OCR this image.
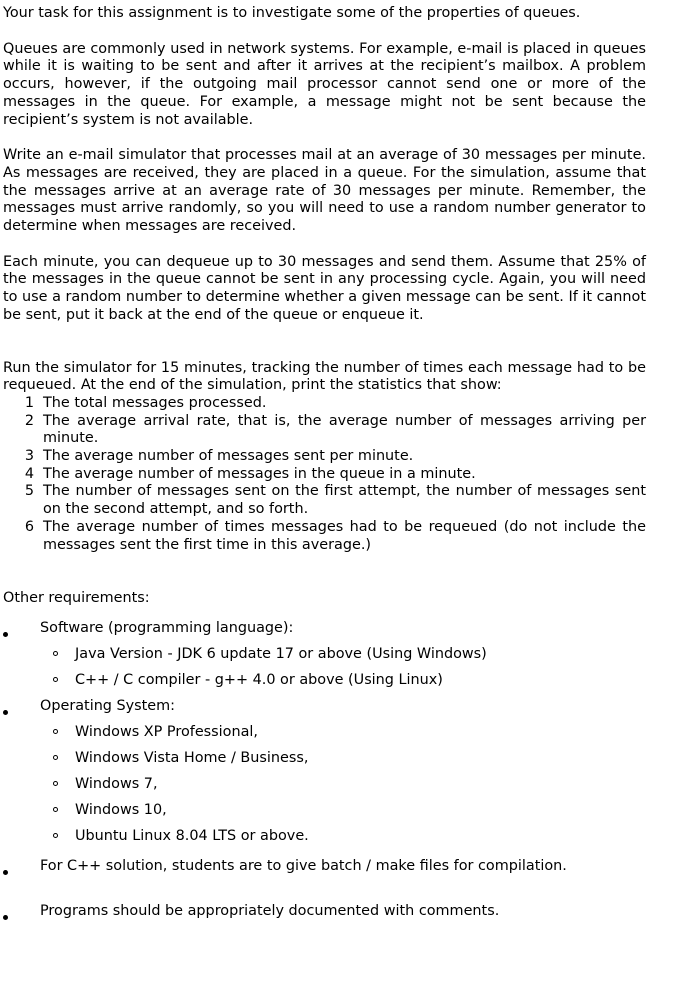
Your task for this assignment is to investigate some of the properties of queues.

Queues are commonly used in network systems. For example, e-mail is placed in queues while it is waiting to be sent and after it arrives at the recipient’s mailbox. A problem occurs, however, if the outgoing mail processor cannot send one or more of the messages in the queue. For example, a message might not be sent because the recipient’s system is not available.

Write an e-mail simulator that processes mail at an average of 30 messages per minute. As messages are received, they are placed in a queue. For the simulation, assume that the messages arrive at an average rate of 30 messages per minute. Remember, the messages must arrive randomly, so you will need to use a random number generator to determine when messages are received.

Each minute, you can dequeue up to 30 messages and send them. Assume that 25% of the messages in the queue cannot be sent in any processing cycle. Again, you will need to use a random number to determine whether a given message can be sent. If it cannot be sent, put it back at the end of the queue or enqueue it.

Run the simulator for 15 minutes, tracking the number of times each message had to be requeued. At the end of the simulation, print the statistics that show:

1 The total messages processed.
2 The average arrival rate, that is, the average number of messages arriving per minute.
3 The average number of messages sent per minute.
4 The average number of messages in the queue in a minute.
5 The number of messages sent on the first attempt, the number of messages sent on the second attempt, and so forth.
6 The average number of times messages had to be requeued (do not include the messages sent the first time in this average.)
Other requirements:
Software (programming language):
Java Version - JDK 6 update 17 or above (Using Windows)
C++ / C compiler - g++ 4.0 or above (Using Linux)
Operating System:
Windows XP Professional,
Windows Vista Home / Business,
Windows 7,
Windows 10,
Ubuntu Linux 8.04 LTS or above.
For C++ solution, students are to give batch / make files for compilation.
Programs should be appropriately documented with comments.
